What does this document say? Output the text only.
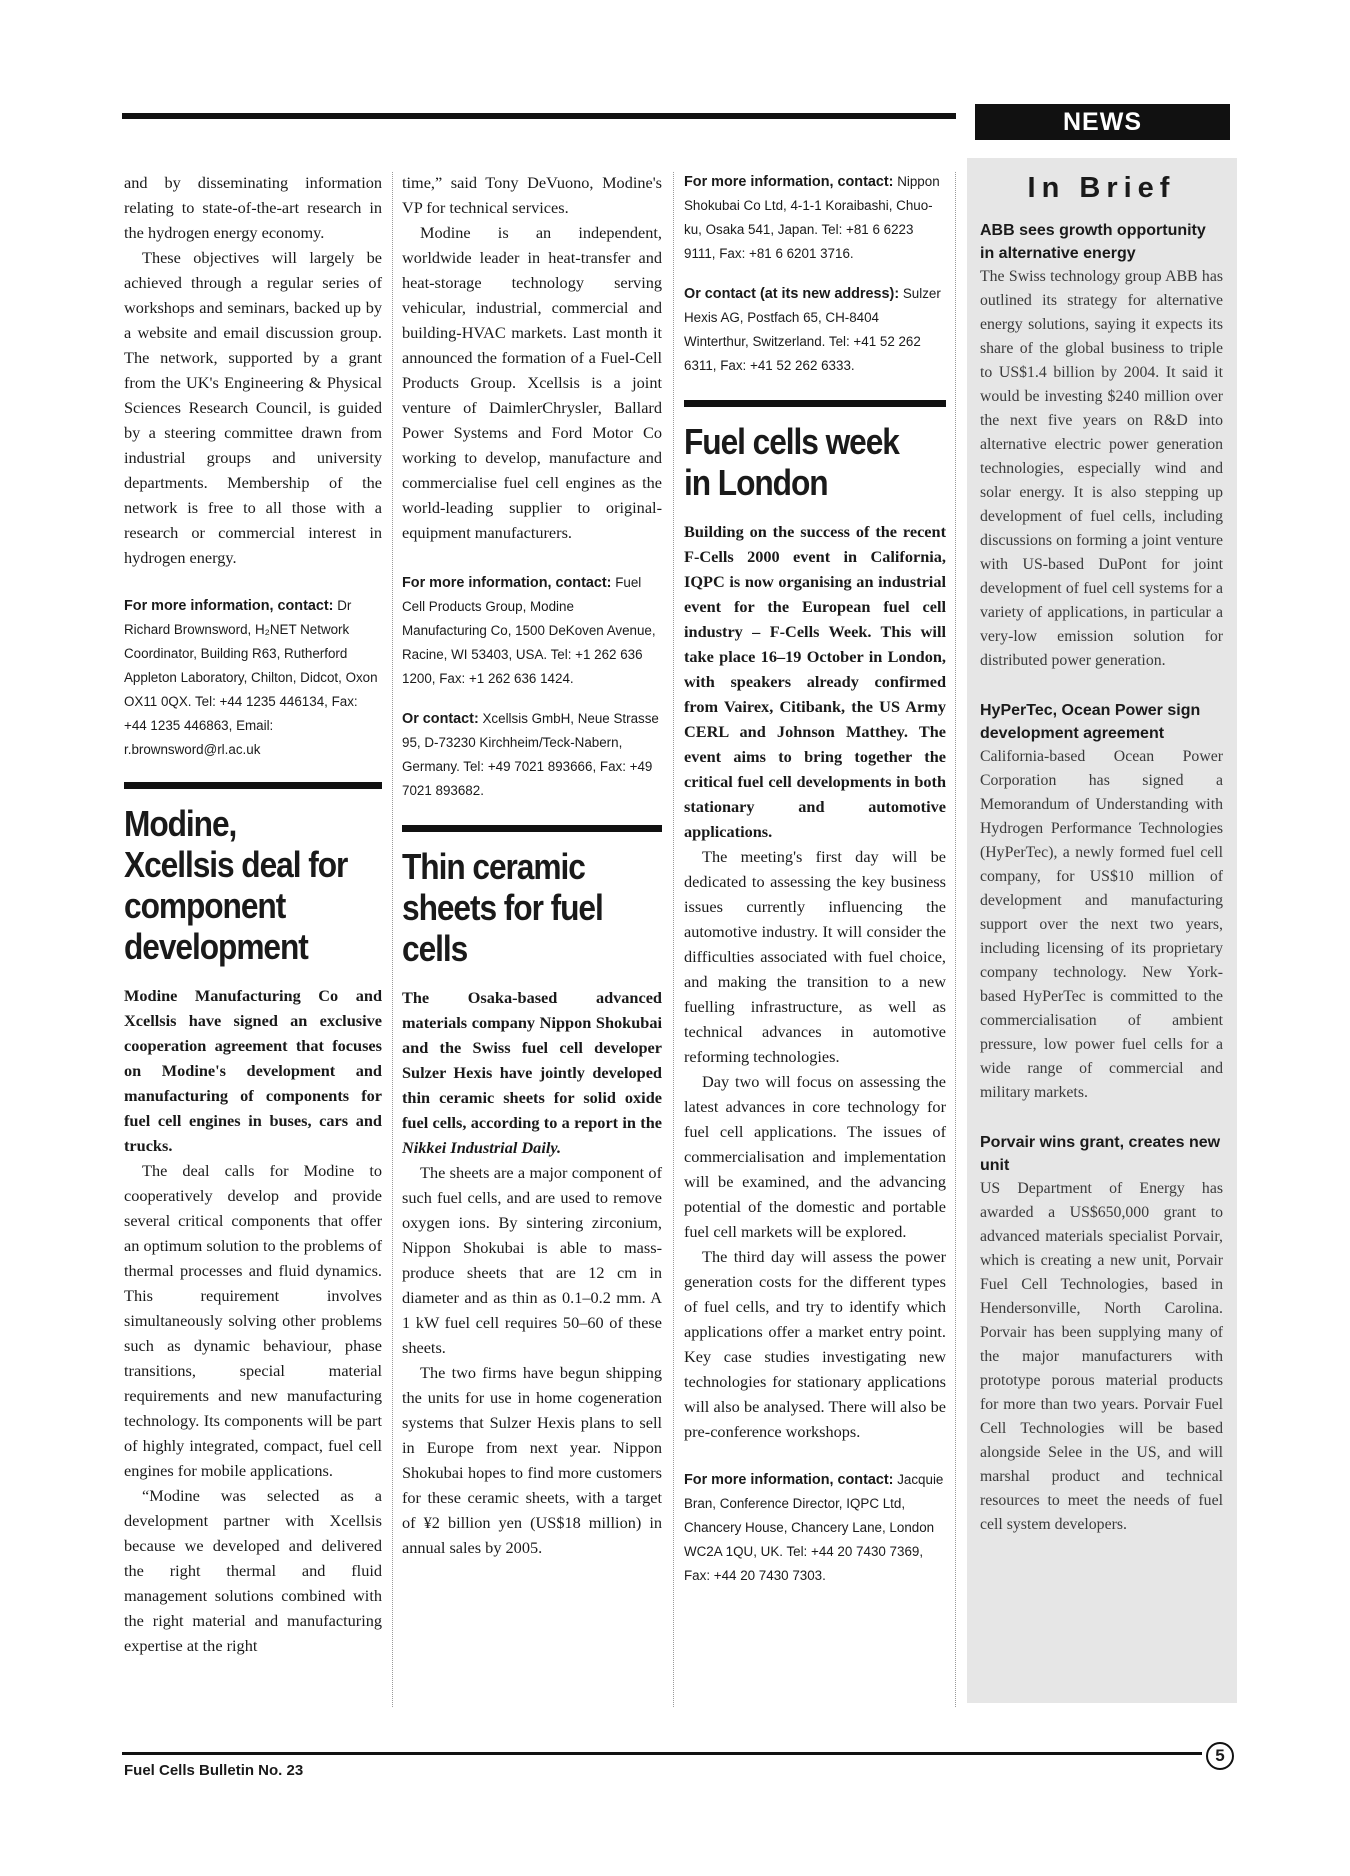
NEWS

and by disseminating information relating to state-of-the-art research in the hydrogen energy economy.

These objectives will largely be achieved through a regular series of workshops and seminars, backed up by a website and email discussion group. The network, supported by a grant from the UK's Engineering & Physical Sciences Research Council, is guided by a steering committee drawn from industrial groups and university departments. Membership of the network is free to all those with a research or commercial interest in hydrogen energy.

For more information, contact: Dr Richard Brownsword, H₂NET Network Coordinator, Building R63, Rutherford Appleton Laboratory, Chilton, Didcot, Oxon OX11 0QX. Tel: +44 1235 446134, Fax: +44 1235 446863, Email: r.brownsword@rl.ac.uk
Modine, Xcellsis deal for component development
Modine Manufacturing Co and Xcellsis have signed an exclusive cooperation agreement that focuses on Modine's development and manufacturing of components for fuel cell engines in buses, cars and trucks.

The deal calls for Modine to cooperatively develop and provide several critical components that offer an optimum solution to the problems of thermal processes and fluid dynamics. This requirement involves simultaneously solving other problems such as dynamic behaviour, phase transitions, special material requirements and new manufacturing technology. Its components will be part of highly integrated, compact, fuel cell engines for mobile applications.

“Modine was selected as a development partner with Xcellsis because we developed and delivered the right thermal and fluid management solutions combined with the right material and manufacturing expertise at the right

time,” said Tony DeVuono, Modine's VP for technical services.

Modine is an independent, worldwide leader in heat-transfer and heat-storage technology serving vehicular, industrial, commercial and building-HVAC markets. Last month it announced the formation of a Fuel-Cell Products Group. Xcellsis is a joint venture of DaimlerChrysler, Ballard Power Systems and Ford Motor Co working to develop, manufacture and commercialise fuel cell engines as the world-leading supplier to original-equipment manufacturers.

For more information, contact: Fuel Cell Products Group, Modine Manufacturing Co, 1500 DeKoven Avenue, Racine, WI 53403, USA. Tel: +1 262 636 1200, Fax: +1 262 636 1424.
Or contact: Xcellsis GmbH, Neue Strasse 95, D-73230 Kirchheim/Teck-Nabern, Germany. Tel: +49 7021 893666, Fax: +49 7021 893682.
Thin ceramic sheets for fuel cells
The Osaka-based advanced materials company Nippon Shokubai and the Swiss fuel cell developer Sulzer Hexis have jointly developed thin ceramic sheets for solid oxide fuel cells, according to a report in the Nikkei Industrial Daily.

The sheets are a major component of such fuel cells, and are used to remove oxygen ions. By sintering zirconium, Nippon Shokubai is able to mass-produce sheets that are 12 cm in diameter and as thin as 0.1–0.2 mm. A 1 kW fuel cell requires 50–60 of these sheets.

The two firms have begun shipping the units for use in home cogeneration systems that Sulzer Hexis plans to sell in Europe from next year. Nippon Shokubai hopes to find more customers for these ceramic sheets, with a target of ¥2 billion yen (US$18 million) in annual sales by 2005.

For more information, contact: Nippon Shokubai Co Ltd, 4-1-1 Koraibashi, Chuo-ku, Osaka 541, Japan. Tel: +81 6 6223 9111, Fax: +81 6 6201 3716.
Or contact (at its new address): Sulzer Hexis AG, Postfach 65, CH-8404 Winterthur, Switzerland. Tel: +41 52 262 6311, Fax: +41 52 262 6333.
Fuel cells week in London
Building on the success of the recent F-Cells 2000 event in California, IQPC is now organising an industrial event for the European fuel cell industry – F-Cells Week. This will take place 16–19 October in London, with speakers already confirmed from Vairex, Citibank, the US Army CERL and Johnson Matthey. The event aims to bring together the critical fuel cell developments in both stationary and automotive applications.

The meeting's first day will be dedicated to assessing the key business issues currently influencing the automotive industry. It will consider the difficulties associated with fuel choice, and making the transition to a new fuelling infrastructure, as well as technical advances in automotive reforming technologies.

Day two will focus on assessing the latest advances in core technology for fuel cell applications. The issues of commercialisation and implementation will be examined, and the advancing potential of the domestic and portable fuel cell markets will be explored.

The third day will assess the power generation costs for the different types of fuel cells, and try to identify which applications offer a market entry point. Key case studies investigating new technologies for stationary applications will also be analysed. There will also be pre-conference workshops.

For more information, contact: Jacquie Bran, Conference Director, IQPC Ltd, Chancery House, Chancery Lane, London WC2A 1QU, UK. Tel: +44 20 7430 7369, Fax: +44 20 7430 7303.
In Brief
ABB sees growth opportunity in alternative energy

The Swiss technology group ABB has outlined its strategy for alternative energy solutions, saying it expects its share of the global business to triple to US$1.4 billion by 2004. It said it would be investing $240 million over the next five years on R&D into alternative electric power generation technologies, especially wind and solar energy. It is also stepping up development of fuel cells, including discussions on forming a joint venture with US-based DuPont for joint development of fuel cell systems for a variety of applications, in particular a very-low emission solution for distributed power generation.

HyPerTec, Ocean Power sign development agreement

California-based Ocean Power Corporation has signed a Memorandum of Understanding with Hydrogen Performance Technologies (HyPerTec), a newly formed fuel cell company, for US$10 million of development and manufacturing support over the next two years, including licensing of its proprietary company technology. New York-based HyPerTec is committed to the commercialisation of ambient pressure, low power fuel cells for a wide range of commercial and military markets.

Porvair wins grant, creates new unit

US Department of Energy has awarded a US$650,000 grant to advanced materials specialist Porvair, which is creating a new unit, Porvair Fuel Cell Technologies, based in Hendersonville, North Carolina. Porvair has been supplying many of the major manufacturers with prototype porous material products for more than two years. Porvair Fuel Cell Technologies will be based alongside Selee in the US, and will marshal product and technical resources to meet the needs of fuel cell system developers.

Fuel Cells Bulletin No. 23
5
